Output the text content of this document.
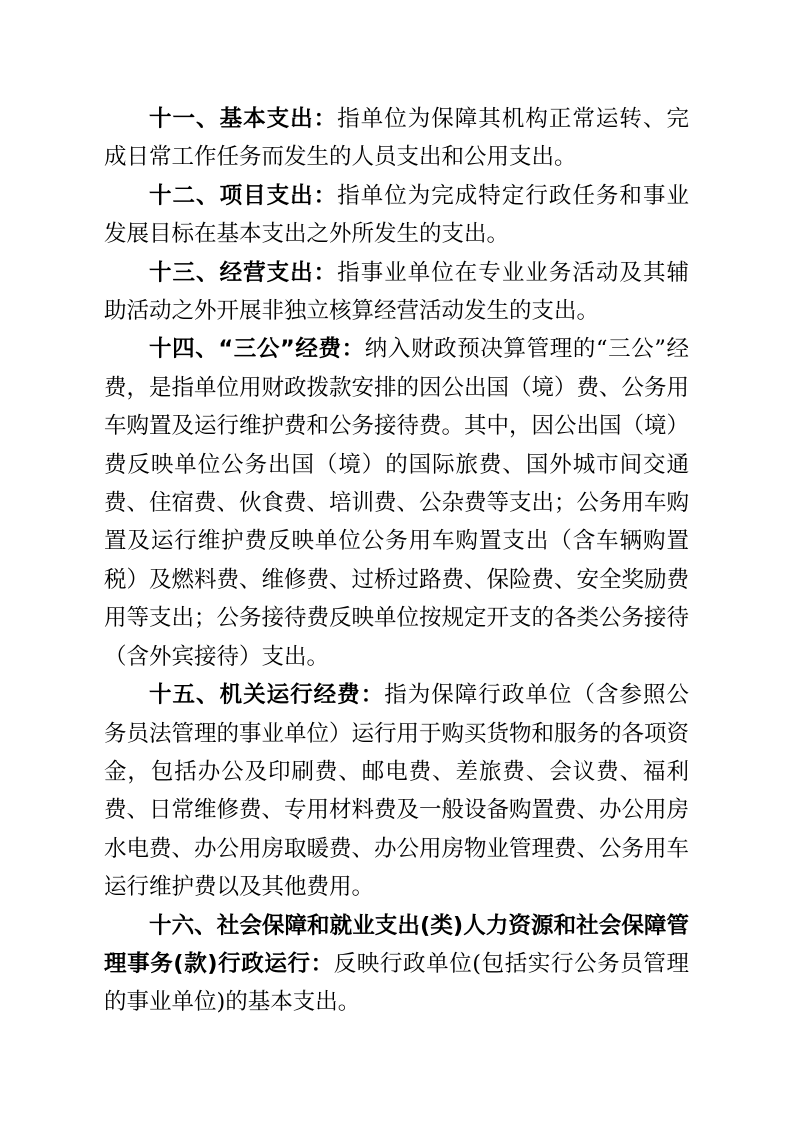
十一、基本支出：指单位为保障其机构正常运转、完成日常工作任务而发生的人员支出和公用支出。

十二、项目支出：指单位为完成特定行政任务和事业发展目标在基本支出之外所发生的支出。

十三、经营支出：指事业单位在专业业务活动及其辅助活动之外开展非独立核算经营活动发生的支出。

十四、“三公”经费：纳入财政预决算管理的“三公”经费，是指单位用财政拨款安排的因公出国（境）费、公务用车购置及运行维护费和公务接待费。其中，因公出国（境）费反映单位公务出国（境）的国际旅费、国外城市间交通费、住宿费、伙食费、培训费、公杂费等支出；公务用车购置及运行维护费反映单位公务用车购置支出（含车辆购置税）及燃料费、维修费、过桥过路费、保险费、安全奖励费用等支出；公务接待费反映单位按规定开支的各类公务接待（含外宾接待）支出。

十五、机关运行经费：指为保障行政单位（含参照公务员法管理的事业单位）运行用于购买货物和服务的各项资金，包括办公及印刷费、邮电费、差旅费、会议费、福利费、日常维修费、专用材料费及一般设备购置费、办公用房水电费、办公用房取暖费、办公用房物业管理费、公务用车运行维护费以及其他费用。

十六、社会保障和就业支出(类)人力资源和社会保障管理事务(款)行政运行：反映行政单位(包括实行公务员管理的事业单位)的基本支出。
